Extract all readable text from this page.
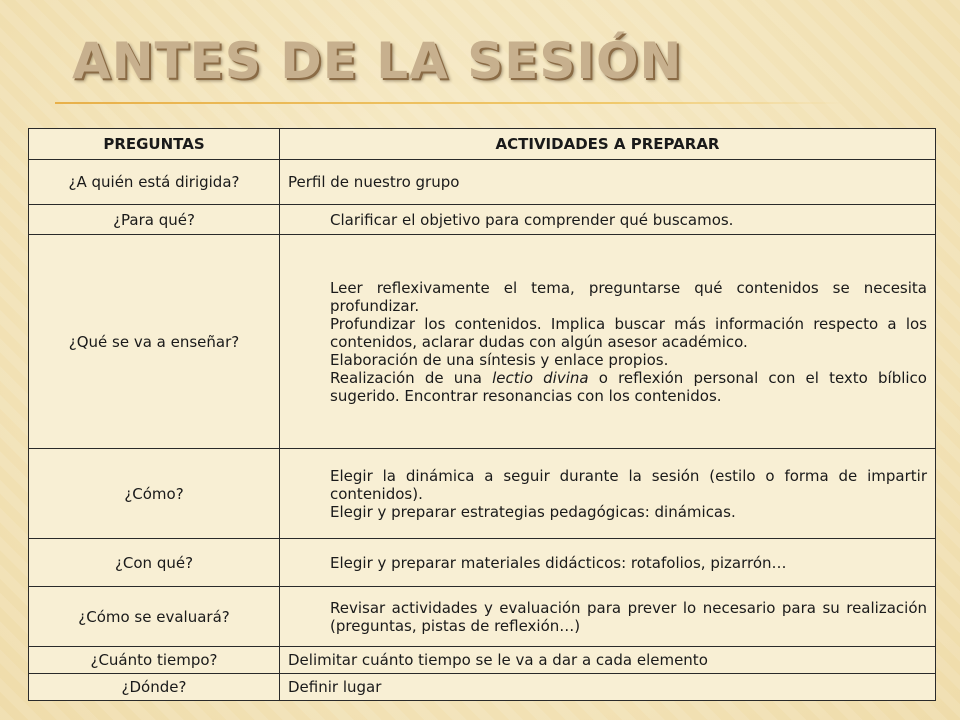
ANTES DE LA SESIÓN
PREGUNTAS	ACTIVIDADES A PREPARAR
¿A quién está dirigida?	Perfil de nuestro grupo
¿Para qué?	Clarificar el objetivo para comprender qué buscamos.
¿Qué se va a enseñar?	Leer reflexivamente el tema, preguntarse qué contenidos se necesita profundizar.
Profundizar los contenidos. Implica buscar más información respecto a los contenidos, aclarar dudas con algún asesor académico.
Elaboración de una síntesis y enlace propios.
Realización de una lectio divina o reflexión personal con el texto bíblico sugerido. Encontrar resonancias con los contenidos.

¿Cómo?	Elegir la dinámica a seguir durante la sesión (estilo o forma de impartir contenidos).
Elegir y preparar estrategias pedagógicas: dinámicas.

¿Con qué?	Elegir y preparar materiales didácticos: rotafolios, pizarrón…
¿Cómo se evaluará?	Revisar actividades y evaluación para prever lo necesario para su realización (preguntas, pistas de reflexión…)
¿Cuánto tiempo?	Delimitar cuánto tiempo se le va a dar a cada elemento
¿Dónde?	Definir lugar
